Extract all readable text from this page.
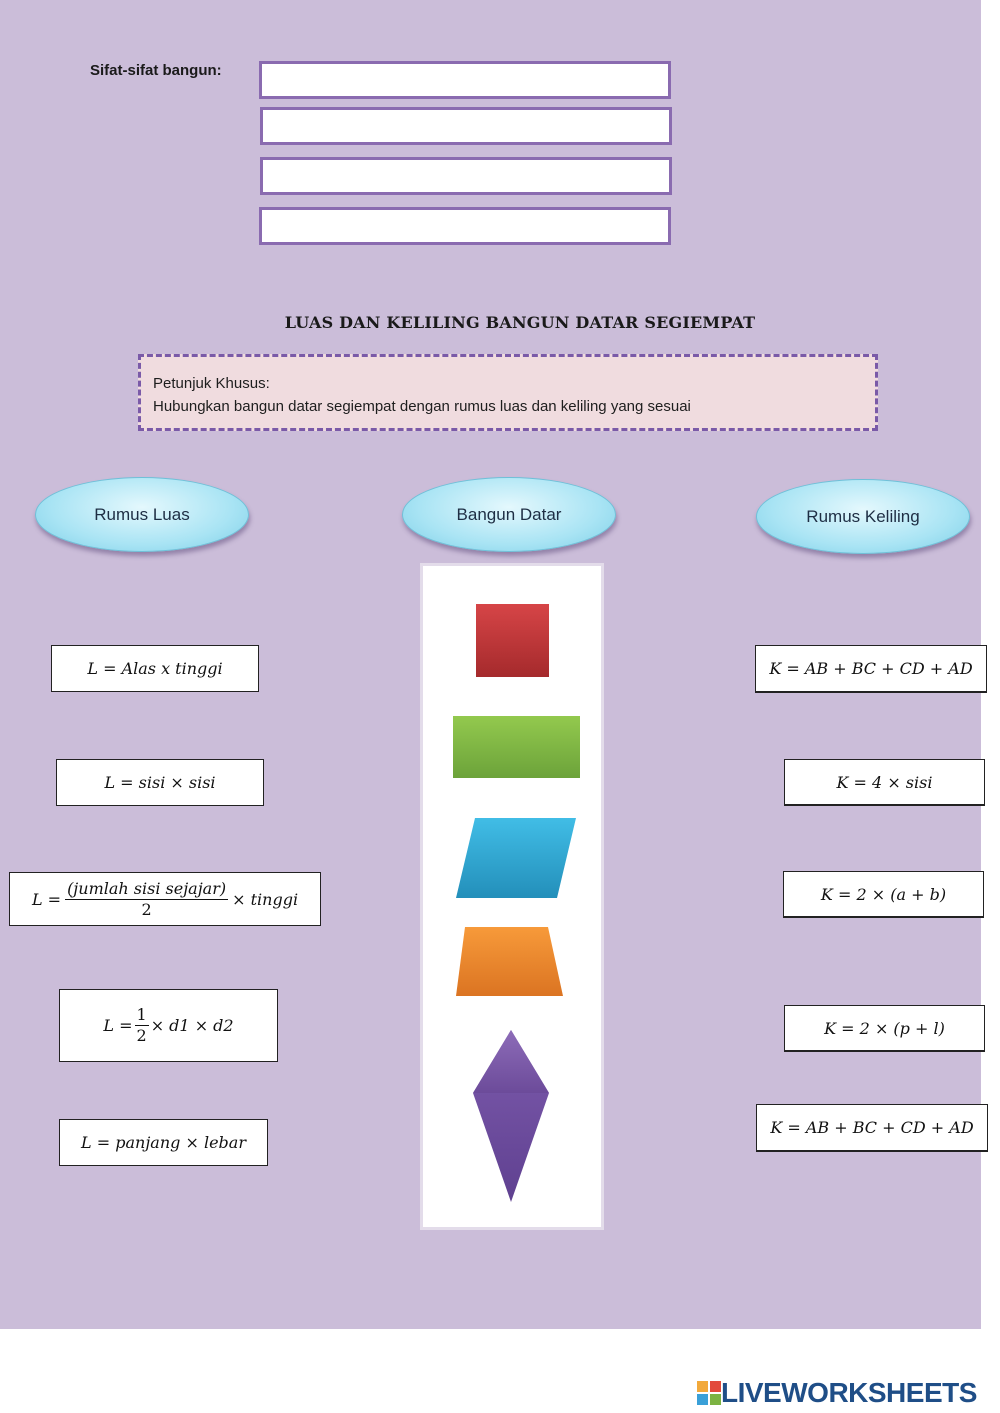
Sifat-sifat bangun:
LUAS DAN KELILING BANGUN DATAR SEGIEMPAT
Petunjuk Khusus:
Hubungkan bangun datar segiempat dengan rumus luas dan keliling yang sesuai
Rumus Luas	Bangun Datar	Rumus Keliling
L = Alas x tinggi
L = sisi × sisi
$L = \frac{\text{(jumlah sisi sejajar)}}{2}$ × tinggi
$L = \frac{1}{2} \times d1 \times d2$
L = panjang × lebar
K = AB + BC + CD + AD
K = 4 × sisi
K = 2 × (a + b)
K = 2 × (p + l)
K = AB + BC + CD + AD
LIVEWORKSHEETS
